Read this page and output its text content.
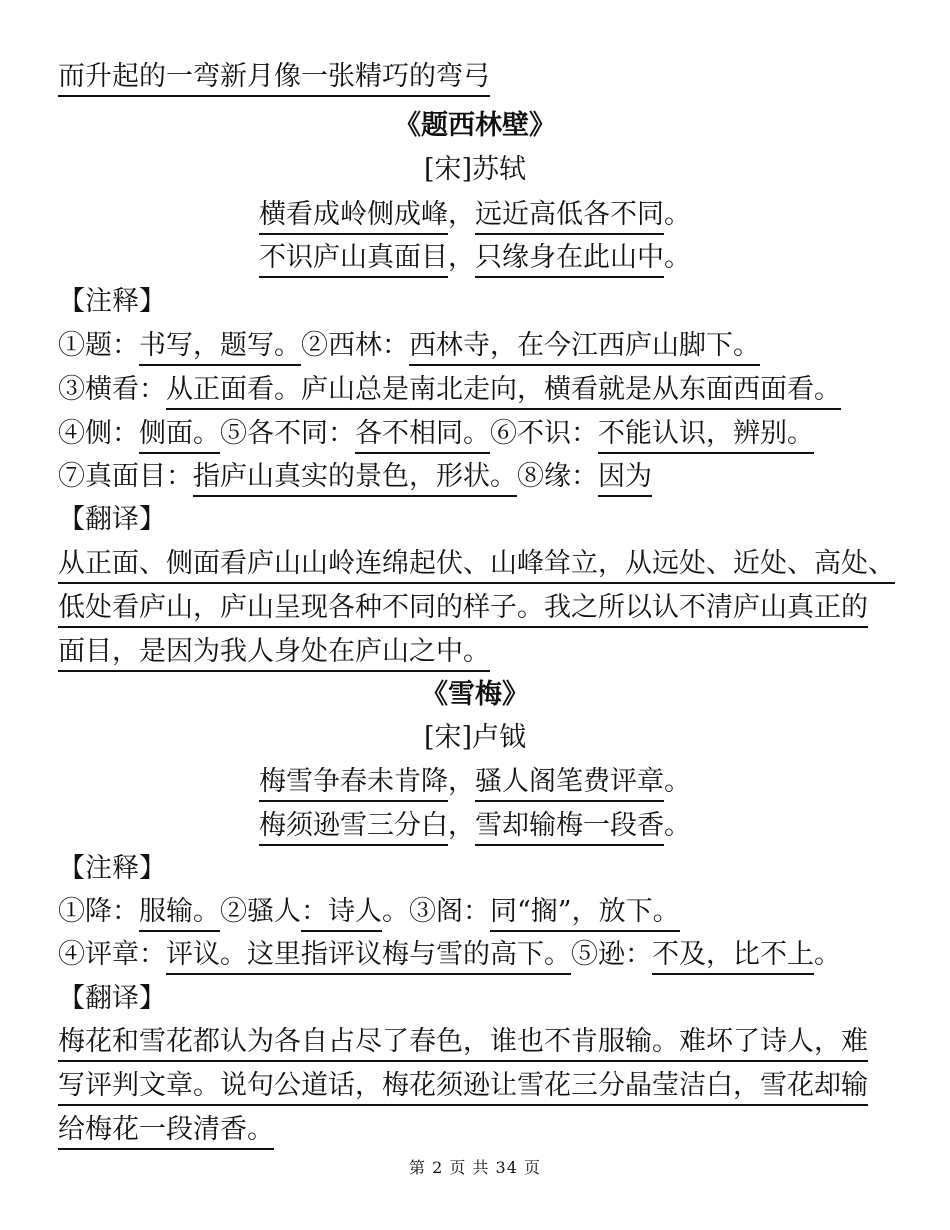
而升起的一弯新月像一张精巧的弯弓
《题西林壁》
[宋]苏轼
横看成岭侧成峰，远近高低各不同。
不识庐山真面目，只缘身在此山中。
【注释】
①题：书写，题写。②西林：西林寺，在今江西庐山脚下。
③横看：从正面看。庐山总是南北走向，横看就是从东面西面看。
④侧：侧面。⑤各不同：各不相同。⑥不识：不能认识，辨别。
⑦真面目：指庐山真实的景色，形状。⑧缘：因为
【翻译】
从正面、侧面看庐山山岭连绵起伏、山峰耸立，从远处、近处、高处、
低处看庐山，庐山呈现各种不同的样子。我之所以认不清庐山真正的
面目，是因为我人身处在庐山之中。
《雪梅》
[宋]卢钺
梅雪争春未肯降，骚人阁笔费评章。
梅须逊雪三分白，雪却输梅一段香。
【注释】
①降：服输。②骚人：诗人。③阁：同“搁”，放下。
④评章：评议。这里指评议梅与雪的高下。⑤逊：不及，比不上。
【翻译】
梅花和雪花都认为各自占尽了春色，谁也不肯服输。难坏了诗人，难
写评判文章。说句公道话，梅花须逊让雪花三分晶莹洁白，雪花却输
给梅花一段清香。
第 2 页 共 34 页
